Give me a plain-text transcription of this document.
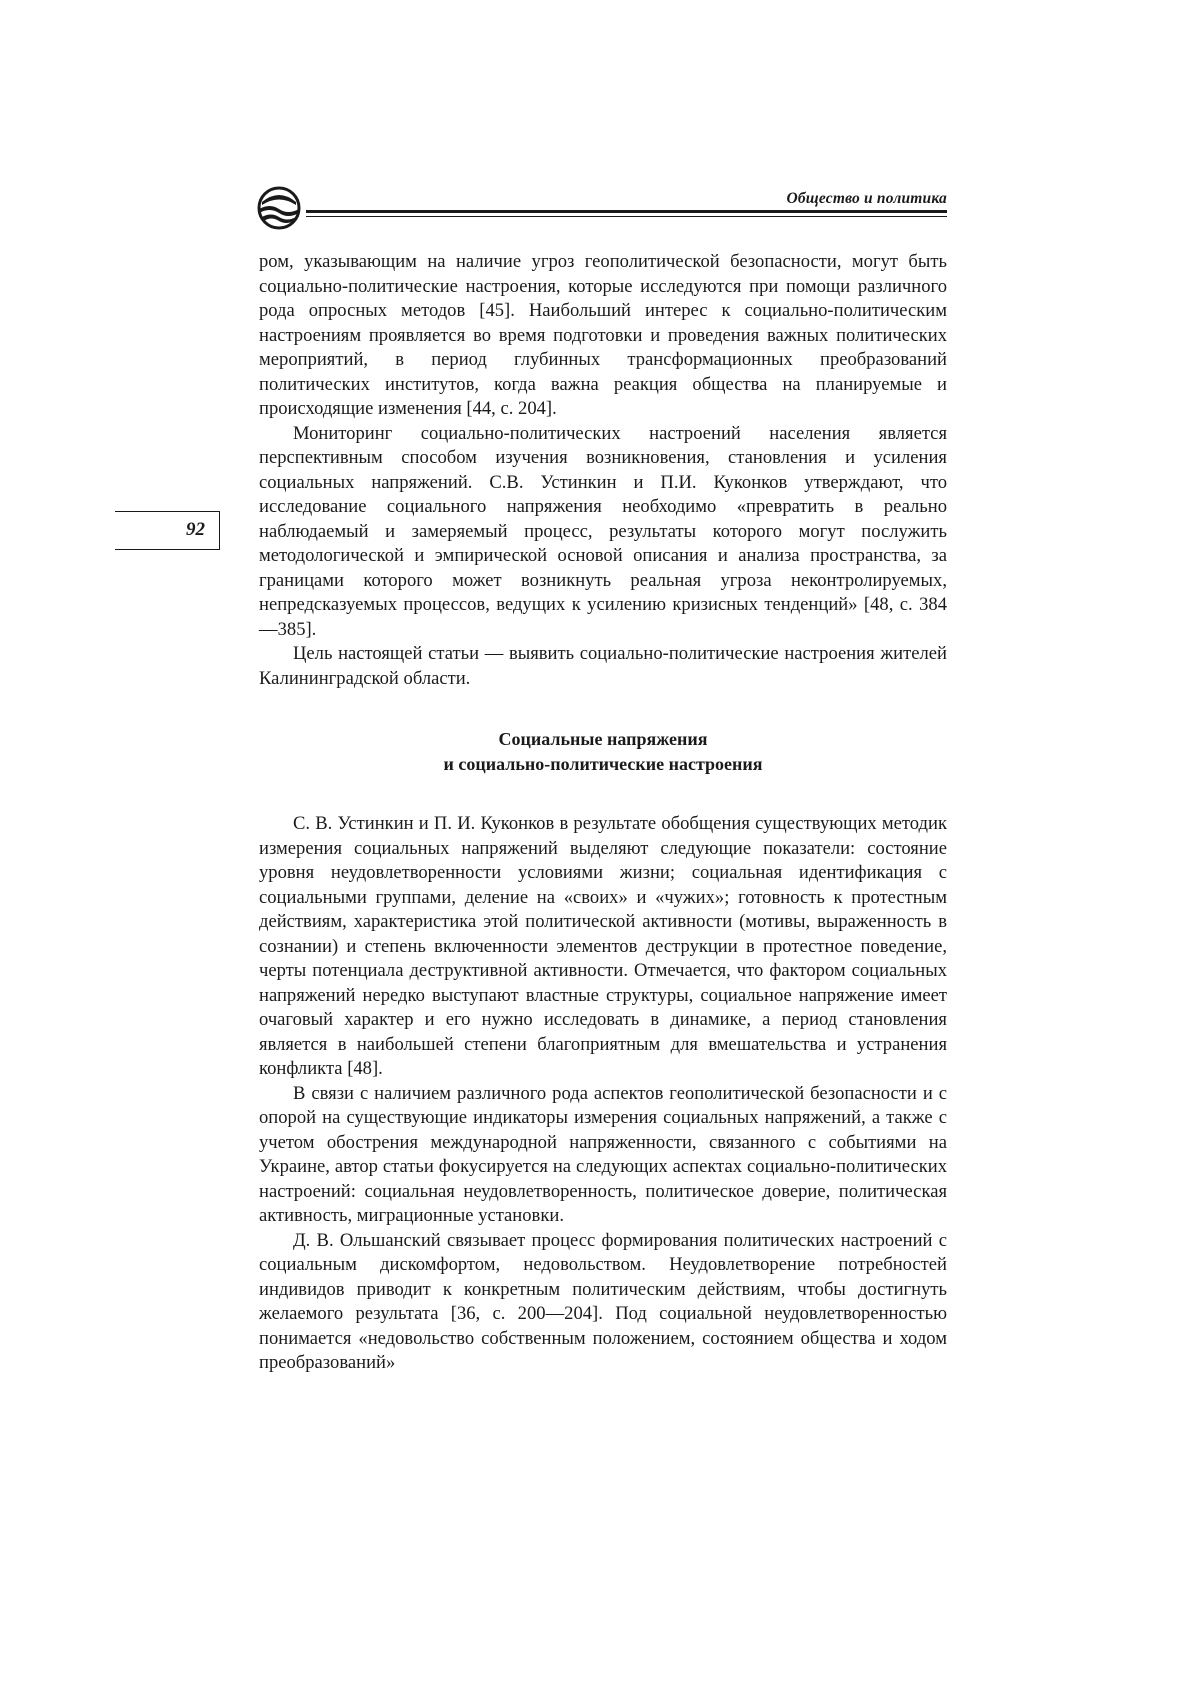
Общество и политика
92

ром, указывающим на наличие угроз геополитической безопасности, могут быть социально-политические настроения, которые исследуются при помощи различного рода опросных методов [45]. Наибольший интерес к социально-политическим настроениям проявляется во время подготовки и проведения важных политических мероприятий, в период глубинных трансформационных преобразований политических институтов, когда важна реакция общества на планируемые и происходящие изменения [44, с. 204].

Мониторинг социально-политических настроений населения является перспективным способом изучения возникновения, становления и усиления социальных напряжений. С.В. Устинкин и П.И. Куконков утверждают, что исследование социального напряжения необходимо «превратить в реально наблюдаемый и замеряемый процесс, результаты которого могут послужить методологической и эмпирической основой описания и анализа пространства, за границами которого может возникнуть реальная угроза неконтролируемых, непредсказуемых процессов, ведущих к усилению кризисных тенденций» [48, с. 384—385].

Цель настоящей статьи — выявить социально-политические настроения жителей Калининградской области.

Социальные напряжения
и социально-политические настроения

С. В. Устинкин и П. И. Куконков в результате обобщения существующих методик измерения социальных напряжений выделяют следующие показатели: состояние уровня неудовлетворенности условиями жизни; социальная идентификация с социальными группами, деление на «своих» и «чужих»; готовность к протестным действиям, характеристика этой политической активности (мотивы, выраженность в сознании) и степень включенности элементов деструкции в протестное поведение, черты потенциала деструктивной активности. Отмечается, что фактором социальных напряжений нередко выступают властные структуры, социальное напряжение имеет очаговый характер и его нужно исследовать в динамике, а период становления является в наибольшей степени благоприятным для вмешательства и устранения конфликта [48].

В связи с наличием различного рода аспектов геополитической безопасности и с опорой на существующие индикаторы измерения социальных напряжений, а также с учетом обострения международной напряженности, связанного с событиями на Украине, автор статьи фокусируется на следующих аспектах социально-политических настроений: социальная неудовлетворенность, политическое доверие, политическая активность, миграционные установки.

Д. В. Ольшанский связывает процесс формирования политических настроений с социальным дискомфортом, недовольством. Неудовлетворение потребностей индивидов приводит к конкретным политическим действиям, чтобы достигнуть желаемого результата [36, с. 200—204]. Под социальной неудовлетворенностью понимается «недовольство собственным положением, состоянием общества и ходом преобразований»
